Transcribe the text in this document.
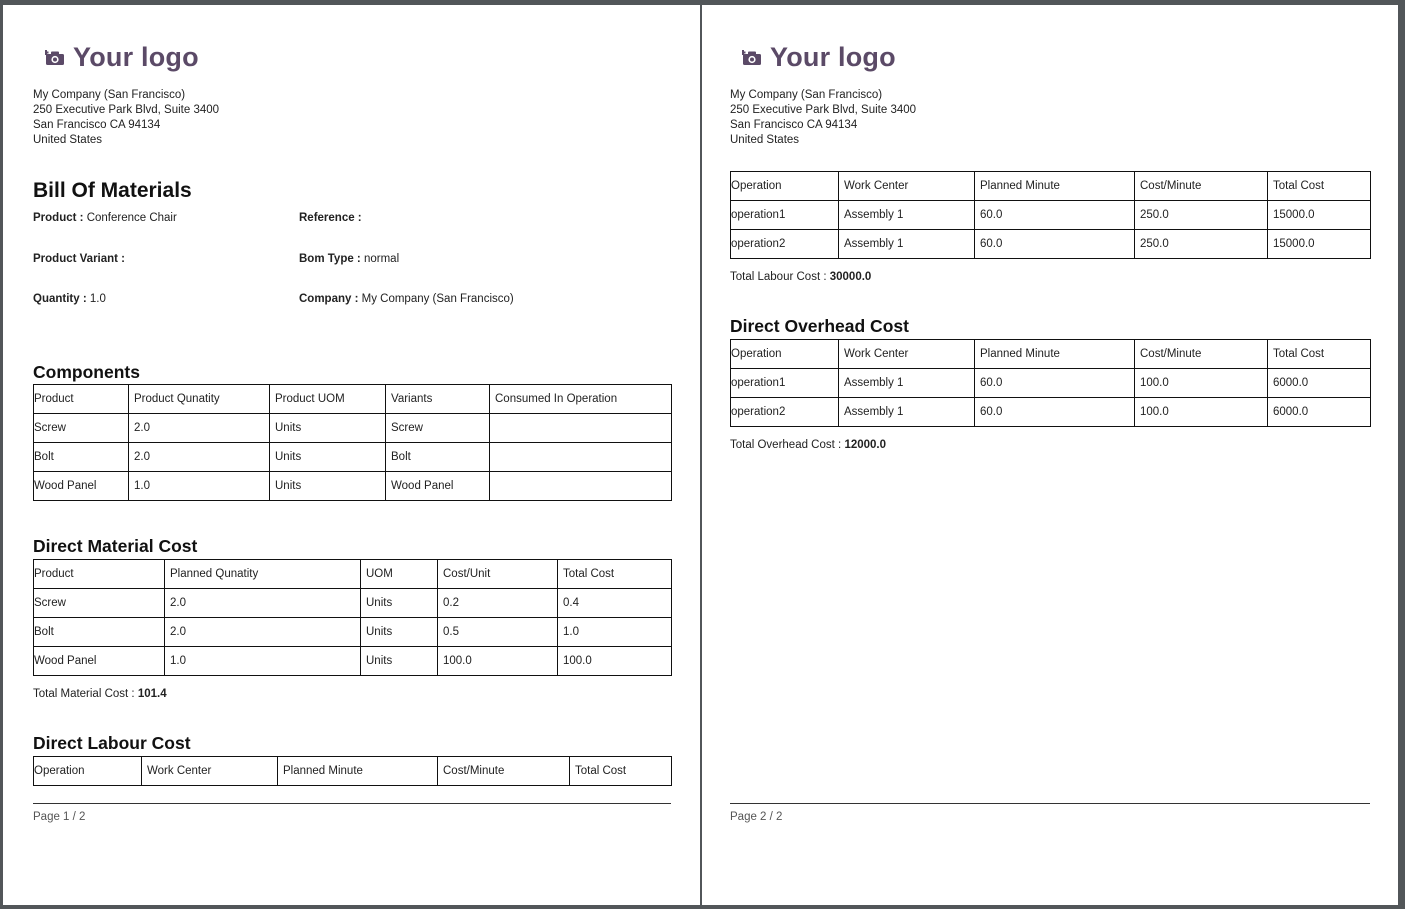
Your logo
My Company (San Francisco)
250 Executive Park Blvd, Suite 3400
San Francisco CA 94134
United States
Bill Of Materials
Product : Conference Chair	Reference :
Product Variant :	Bom Type : normal
Quantity : 1.0	Company : My Company (San Francisco)
Components
Product	Product Qunatity	Product UOM	Variants	Consumed In Operation
Screw	2.0	Units	Screw	
Bolt	2.0	Units	Bolt	
Wood Panel	1.0	Units	Wood Panel	
Direct Material Cost
Product	Planned Qunatity	UOM	Cost/Unit	Total Cost
Screw	2.0	Units	0.2	0.4
Bolt	2.0	Units	0.5	1.0
Wood Panel	1.0	Units	100.0	100.0
Total Material Cost : 101.4
Direct Labour Cost
Operation	Work Center	Planned Minute	Cost/Minute	Total Cost
Page 1 / 2
Your logo
My Company (San Francisco)
250 Executive Park Blvd, Suite 3400
San Francisco CA 94134
United States
Operation	Work Center	Planned Minute	Cost/Minute	Total Cost
operation1	Assembly 1	60.0	250.0	15000.0
operation2	Assembly 1	60.0	250.0	15000.0
Total Labour Cost : 30000.0
Direct Overhead Cost
Operation	Work Center	Planned Minute	Cost/Minute	Total Cost
operation1	Assembly 1	60.0	100.0	6000.0
operation2	Assembly 1	60.0	100.0	6000.0
Total Overhead Cost : 12000.0
Page 2 / 2
